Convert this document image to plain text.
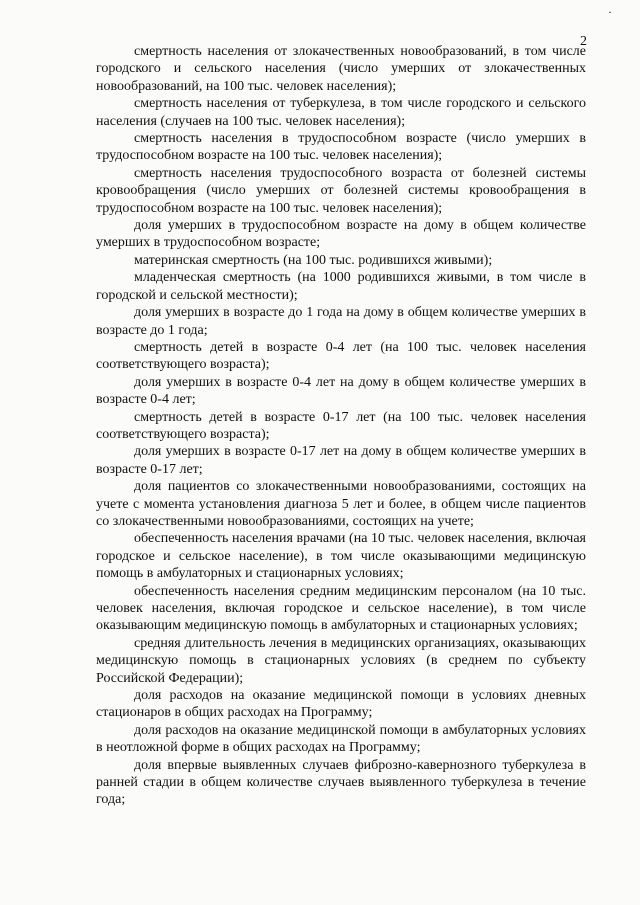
·
2

смертность населения от злокачественных новообразований, в том числе городского и сельского населения (число умерших от злокачественных новообразований, на 100 тыс. человек населения);

смертность населения от туберкулеза, в том числе городского и сельского населения (случаев на 100 тыс. человек населения);

смертность населения в трудоспособном возрасте (число умерших в трудоспособном возрасте на 100 тыс. человек населения);

смертность населения трудоспособного возраста от болезней системы кровообращения (число умерших от болезней системы кровообращения в трудоспособном возрасте на 100 тыс. человек населения);

доля умерших в трудоспособном возрасте на дому в общем количестве умерших в трудоспособном возрасте;

материнская смертность (на 100 тыс. родившихся живыми);

младенческая смертность (на 1000 родившихся живыми, в том числе в городской и сельской местности);

доля умерших в возрасте до 1 года на дому в общем количестве умерших в возрасте до 1 года;

смертность детей в возрасте 0-4 лет (на 100 тыс. человек населения соответствующего возраста);

доля умерших в возрасте 0-4 лет на дому в общем количестве умерших в возрасте 0-4 лет;

смертность детей в возрасте 0-17 лет (на 100 тыс. человек населения соответствующего возраста);

доля умерших в возрасте 0-17 лет на дому в общем количестве умерших в возрасте 0-17 лет;

доля пациентов со злокачественными новообразованиями, состоящих на учете с момента установления диагноза 5 лет и более, в общем числе пациентов со злокачественными новообразованиями, состоящих на учете;

обеспеченность населения врачами (на 10 тыс. человек населения, включая городское и сельское население), в том числе оказывающими медицинскую помощь в амбулаторных и стационарных условиях;

обеспеченность населения средним медицинским персоналом (на 10 тыс. человек населения, включая городское и сельское население), в том числе оказывающим медицинскую помощь в амбулаторных и стационарных условиях;

средняя длительность лечения в медицинских организациях, оказывающих медицинскую помощь в стационарных условиях (в среднем по субъекту Российской Федерации);

доля расходов на оказание медицинской помощи в условиях дневных стационаров в общих расходах на Программу;

доля расходов на оказание медицинской помощи в амбулаторных условиях в неотложной форме в общих расходах на Программу;

доля впервые выявленных случаев фиброзно-кавернозного туберкулеза в ранней стадии в общем количестве случаев выявленного туберкулеза в течение года;
